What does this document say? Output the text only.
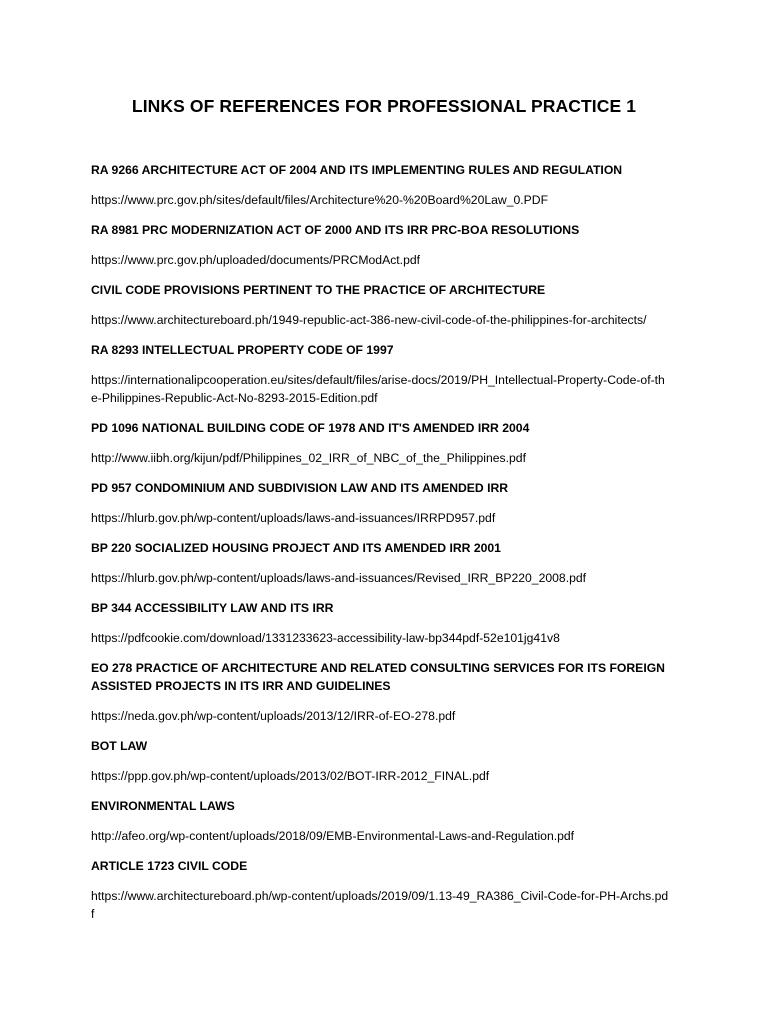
LINKS OF REFERENCES FOR PROFESSIONAL PRACTICE 1
RA 9266 ARCHITECTURE ACT OF 2004 AND ITS IMPLEMENTING RULES AND REGULATION
https://www.prc.gov.ph/sites/default/files/Architecture%20-%20Board%20Law_0.PDF
RA 8981 PRC MODERNIZATION ACT OF 2000 AND ITS IRR PRC-BOA RESOLUTIONS
https://www.prc.gov.ph/uploaded/documents/PRCModAct.pdf
CIVIL CODE PROVISIONS PERTINENT TO THE PRACTICE OF ARCHITECTURE
https://www.architectureboard.ph/1949-republic-act-386-new-civil-code-of-the-philippines-for-architects/
RA 8293 INTELLECTUAL PROPERTY CODE OF 1997
https://internationalipcooperation.eu/sites/default/files/arise-docs/2019/PH_Intellectual-Property-Code-of-the-Philippines-Republic-Act-No-8293-2015-Edition.pdf
PD 1096 NATIONAL BUILDING CODE OF 1978 AND IT'S AMENDED IRR 2004
http://www.iibh.org/kijun/pdf/Philippines_02_IRR_of_NBC_of_the_Philippines.pdf
PD 957 CONDOMINIUM AND SUBDIVISION LAW AND ITS AMENDED IRR
https://hlurb.gov.ph/wp-content/uploads/laws-and-issuances/IRRPD957.pdf
BP 220 SOCIALIZED HOUSING PROJECT AND ITS AMENDED IRR 2001
https://hlurb.gov.ph/wp-content/uploads/laws-and-issuances/Revised_IRR_BP220_2008.pdf
BP 344 ACCESSIBILITY LAW AND ITS IRR
https://pdfcookie.com/download/1331233623-accessibility-law-bp344pdf-52e101jg41v8
EO 278 PRACTICE OF ARCHITECTURE AND RELATED CONSULTING SERVICES FOR ITS FOREIGN ASSISTED PROJECTS IN ITS IRR AND GUIDELINES
https://neda.gov.ph/wp-content/uploads/2013/12/IRR-of-EO-278.pdf
BOT LAW
https://ppp.gov.ph/wp-content/uploads/2013/02/BOT-IRR-2012_FINAL.pdf
ENVIRONMENTAL LAWS
http://afeo.org/wp-content/uploads/2018/09/EMB-Environmental-Laws-and-Regulation.pdf
ARTICLE 1723 CIVIL CODE
https://www.architectureboard.ph/wp-content/uploads/2019/09/1.13-49_RA386_Civil-Code-for-PH-Archs.pdf
